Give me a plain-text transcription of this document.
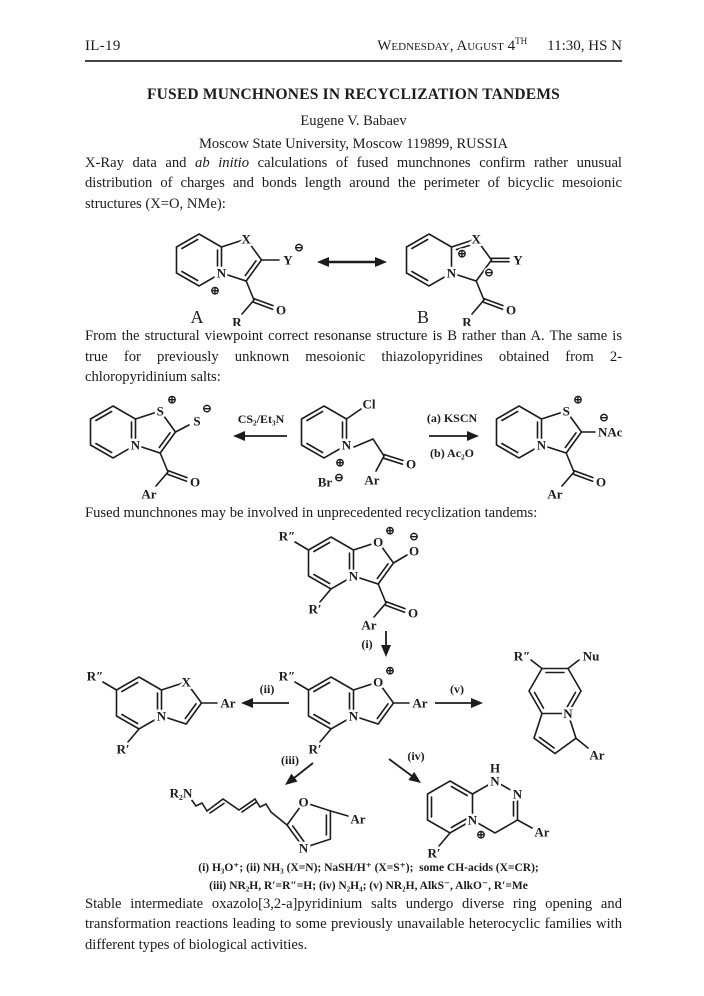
IL-19	Wednesday, August 4TH 11:30, HS N
FUSED MUNCHNONES IN RECYCLIZATION TANDEMS
Eugene V. Babaev
Moscow State University, Moscow 119899, RUSSIA

X-Ray data and ab initio calculations of fused munchnones confirm rather unusual distribution of charges and bonds length around the perimeter of bicyclic mesoionic structures (X=O, NMe):

X
N
⊕
Y
⊖
O
R
A
X
N
⊕
⊖
Y
O
R
B

From the structural viewpoint correct resonanse structure is B rather than A. The same is true for previously unknown mesoionic thiazolopyridines obtained from 2-chloropyridinium salts:

S
⊕
S
⊖
N
O
Ar
CS₂/Et₃N
Cl
N
⊕	O
Ar
Br ⊖
(a) KSCN
(b) Ac₂O
S
⊕
NAc
⊖
N
O
Ar

Fused munchnones may be involved in unprecedented recyclization tandems:

R″	O
⊕
O
⊖
N
R′	O
Ar
(i)
R″	O
⊕
Ar
N
R′
(ii)
R″	X
Ar
N
R′
(v)
R″	Nu
N
Ar
(iii)	(iv)
R₂N
O
N
Ar
H
N
N
N
⊕	Ar
R′
(i) H₃O⁺; (ii) NH₃ (X=N); NaSH/H⁺ (X=S⁺);  some CH-acids (X=CR);
(iii) NR₂H, R′=R″=H; (iv) N₂H₄; (v) NR₂H, AlkS⁻, AlkO⁻, R′=Me

Stable intermediate oxazolo[3,2-a]pyridinium salts undergo diverse ring opening and transformation reactions leading to some previously unavailable heterocyclic families with different types of biological activities.
